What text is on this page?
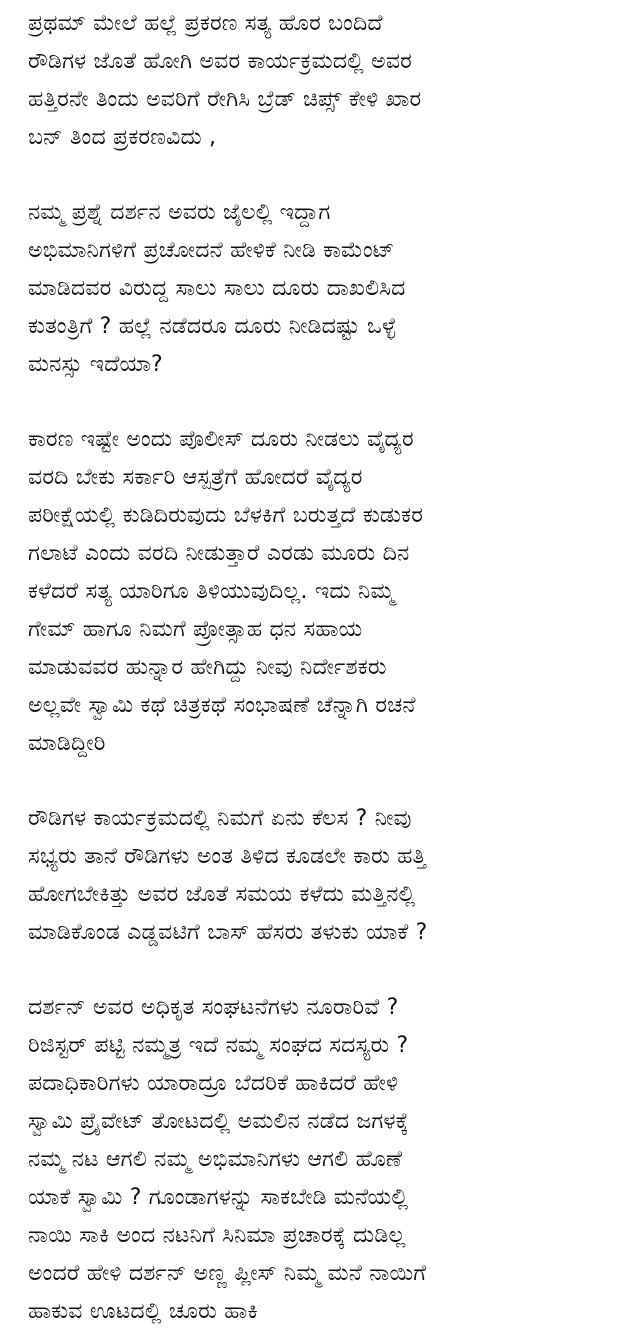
ಪ್ರಥಮ್ ಮೇಲೆ ಹಲ್ಲೆ ಪ್ರಕರಣ ಸತ್ಯ ಹೊರ ಬಂದಿದೆ
ರೌಡಿಗಳ ಜೊತೆ ಹೋಗಿ ಅವರ ಕಾರ್ಯಕ್ರಮದಲ್ಲಿ ಅವರ
ಹತ್ತಿರನೇ ತಿಂದು ಅವರಿಗೆ ರೇಗಿಸಿ ಬ್ರೆಡ್ ಚಿಪ್ಸ್ ಕೇಳಿ ಖಾರ
ಬನ್ ತಿಂದ ಪ್ರಕರಣವಿದು ,
ನಮ್ಮ ಪ್ರಶ್ನೆ ದರ್ಶನ ಅವರು ಜೈಲಲ್ಲಿ ಇದ್ದಾಗ
ಅಭಿಮಾನಿಗಳಿಗೆ ಪ್ರಚೋದನೆ ಹೇಳಿಕೆ ನೀಡಿ ಕಾಮೆಂಟ್
ಮಾಡಿದವರ ವಿರುದ್ದ ಸಾಲು ಸಾಲು ದೂರು ದಾಖಲಿಸಿದ
ಕುತಂತ್ರಿಗೆ ? ಹಲ್ಲೆ ನಡೆದರೂ ದೂರು ನೀಡಿದಷ್ಟು ಒಳ್ಳೆ
ಮನಸ್ಸು ಇದೆಯಾ?
ಕಾರಣ ಇಷ್ಟೇ ಅಂದು ಪೊಲೀಸ್ ದೂರು ನೀಡಲು ವೈದ್ಯರ
ವರದಿ ಬೇಕು ಸರ್ಕಾರಿ ಆಸ್ಪತ್ರೆಗೆ ಹೋದರೆ ವೈದ್ಯರ
ಪರೀಕ್ಷೆಯಲ್ಲಿ ಕುಡಿದಿರುವುದು ಬೆಳಕಿಗೆ ಬರುತ್ತದೆ ಕುಡುಕರ
ಗಲಾಟೆ ಎಂದು ವರದಿ ನೀಡುತ್ತಾರೆ ಎರಡು ಮೂರು ದಿನ
ಕಳೆದರೆ ಸತ್ಯ ಯಾರಿಗೂ ತಿಳಿಯುವುದಿಲ್ಲ. ಇದು ನಿಮ್ಮ
ಗೇಮ್ ಹಾಗೂ ನಿಮಗೆ ಪ್ರೋತ್ಸಾಹ ಧನ ಸಹಾಯ
ಮಾಡುವವರ ಹುನ್ನಾರ ಹೇಗಿದ್ದು ನೀವು ನಿರ್ದೇಶಕರು
ಅಲ್ಲವೇ ಸ್ವಾಮಿ ಕಥೆ ಚಿತ್ರಕಥೆ ಸಂಭಾಷಣೆ ಚೆನ್ನಾಗಿ ರಚನೆ
ಮಾಡಿದ್ದೀರಿ
ರೌಡಿಗಳ ಕಾರ್ಯಕ್ರಮದಲ್ಲಿ ನಿಮಗೆ ಏನು ಕೆಲಸ ? ನೀವು
ಸಭ್ಯರು ತಾನೆ ರೌಡಿಗಳು ಅಂತ ತಿಳಿದ ಕೂಡಲೇ ಕಾರು ಹತ್ತಿ
ಹೋಗಬೇಕಿತ್ತು ಅವರ ಜೊತೆ ಸಮಯ ಕಳೆದು ಮತ್ತಿನಲ್ಲಿ
ಮಾಡಿಕೊಂಡ ಎಡ್ಡವಟಿಗೆ ಬಾಸ್ ಹೆಸರು ತಳುಕು ಯಾಕೆ ?
ದರ್ಶನ್ ಅವರ ಅಧಿಕೃತ ಸಂಘಟನೆಗಳು ನೂರಾರಿವೆ ?
ರಿಜಿಸ್ಟರ್ ಪಟ್ಟಿ ನಮ್ಮತ್ರ ಇದೆ ನಮ್ಮ ಸಂಘದ ಸದಸ್ಯರು ?
ಪದಾಧಿಕಾರಿಗಳು ಯಾರಾದ್ರೂ ಬೆದರಿಕೆ ಹಾಕಿದರೆ ಹೇಳಿ
ಸ್ವಾಮಿ ಪ್ರೈವೇಟ್ ತೋಟದಲ್ಲಿ ಅಮಲಿನ ನಡೆದ ಜಗಳಕ್ಕೆ
ನಮ್ಮ ನಟ ಆಗಲಿ ನಮ್ಮ ಅಭಿಮಾನಿಗಳು ಆಗಲಿ ಹೊಣೆ
ಯಾಕೆ ಸ್ವಾಮಿ ? ಗೂಂಡಾಗಳನ್ನು ಸಾಕಬೇಡಿ ಮನೆಯಲ್ಲಿ
ನಾಯಿ ಸಾಕಿ ಅಂದ ನಟನಿಗೆ ಸಿನಿಮಾ ಪ್ರಚಾರಕ್ಕೆ ದುಡಿಲ್ಲ
ಅಂದರೆ ಹೇಳಿ ದರ್ಶನ್ ಅಣ್ಣ ಪ್ಲೀಸ್ ನಿಮ್ಮ ಮನೆ ನಾಯಿಗೆ
ಹಾಕುವ ಊಟದಲ್ಲಿ ಚೂರು ಹಾಕಿ
